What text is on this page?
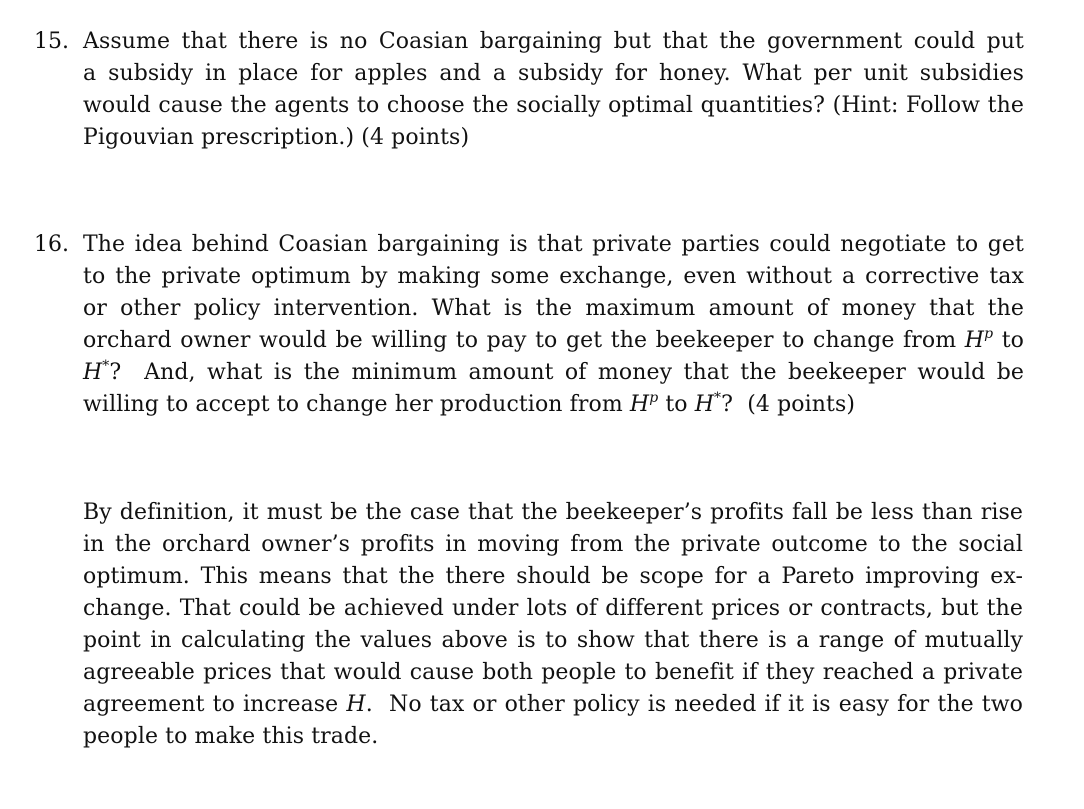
15. Assume that there is no Coasian bargaining but that the government could put
a subsidy in place for apples and a subsidy for honey. What per unit subsidies
would cause the agents to choose the socially optimal quantities? (Hint: Follow the
Pigouvian prescription.) (4 points)
16. The idea behind Coasian bargaining is that private parties could negotiate to get
to the private optimum by making some exchange, even without a corrective tax
or other policy intervention. What is the maximum amount of money that the
orchard owner would be willing to pay to get the beekeeper to change from $H^p$ to
H*? And, what is the minimum amount of money that the beekeeper would be
willing to accept to change her production from $H^p$ to H*? (4 points)
By definition, it must be the case that the beekeeper’s profits fall be less than rise
in the orchard owner’s profits in moving from the private outcome to the social
optimum. This means that the there should be scope for a Pareto improving ex-
change. That could be achieved under lots of different prices or contracts, but the
point in calculating the values above is to show that there is a range of mutually
agreeable prices that would cause both people to benefit if they reached a private
agreement to increase H. No tax or other policy is needed if it is easy for the two
people to make this trade.
